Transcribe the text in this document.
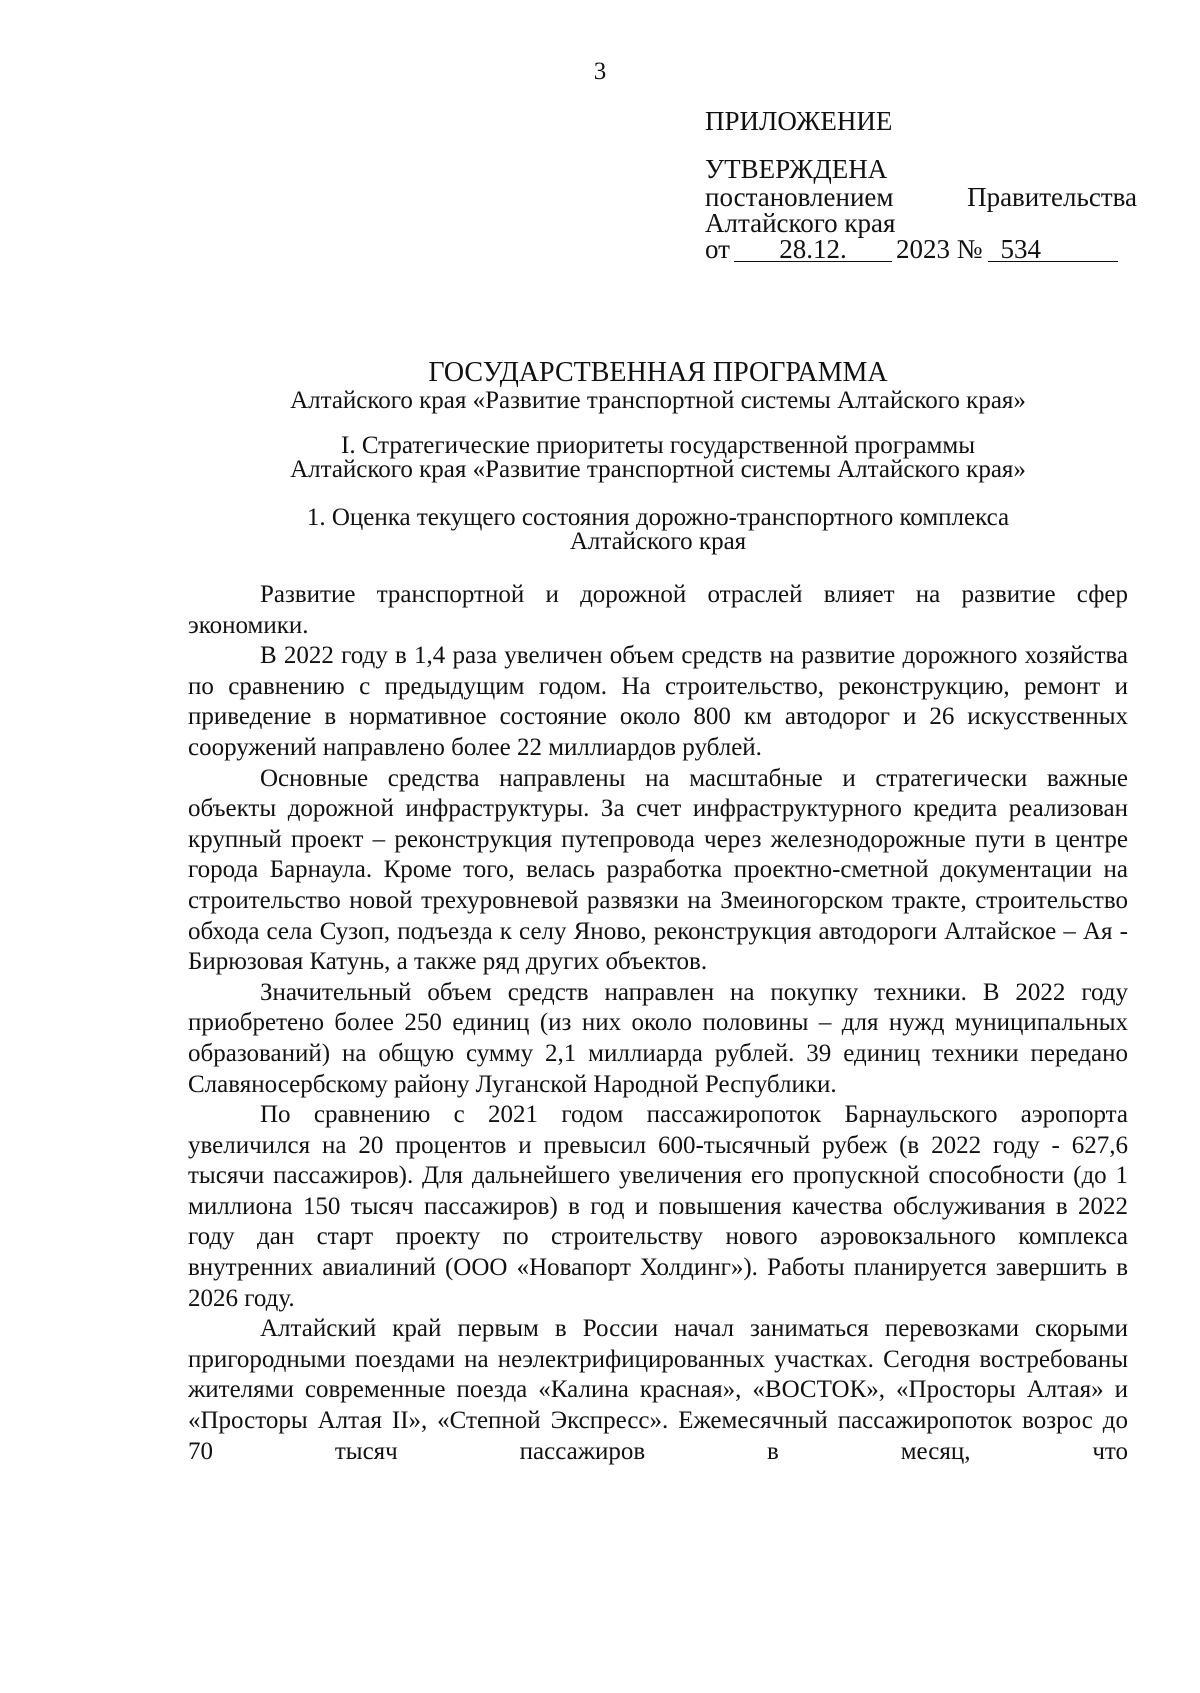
3
ПРИЛОЖЕНИЕ
УТВЕРЖДЕНА
постановлением	Правительства
Алтайского края
от	28.12.	2023 № 534
ГОСУДАРСТВЕННАЯ ПРОГРАММА
Алтайского края «Развитие транспортной системы Алтайского края»
I. Стратегические приоритеты государственной программы
Алтайского края «Развитие транспортной системы Алтайского края»
1. Оценка текущего состояния дорожно-транспортного комплекса
Алтайского края

Развитие транспортной и дорожной отраслей влияет на развитие сфер экономики.

В 2022 году в 1,4 раза увеличен объем средств на развитие дорожного хозяйства по сравнению с предыдущим годом. На строительство, реконструкцию, ремонт и приведение в нормативное состояние около 800 км автодорог и 26 искусственных сооружений направлено более 22 миллиардов рублей.

Основные средства направлены на масштабные и стратегически важные объекты дорожной инфраструктуры. За счет инфраструктурного кредита реализован крупный проект – реконструкция путепровода через железнодорожные пути в центре города Барнаула. Кроме того, велась разработка проектно-сметной документации на строительство новой трехуровневой развязки на Змеиногорском тракте, строительство обхода села Сузоп, подъезда к селу Яново, реконструкция автодороги Алтайское – Ая - Бирюзовая Катунь, а также ряд других объектов.

Значительный объем средств направлен на покупку техники. В 2022 году приобретено более 250 единиц (из них около половины – для нужд муниципальных образований) на общую сумму 2,1 миллиарда рублей. 39 единиц техники передано Славяносербскому району Луганской Народной Республики.

По сравнению с 2021 годом пассажиропоток Барнаульского аэропорта увеличился на 20 процентов и превысил 600-тысячный рубеж (в 2022 году - 627,6 тысячи пассажиров). Для дальнейшего увеличения его пропускной способности (до 1 миллиона 150 тысяч пассажиров) в год и повышения качества обслуживания в 2022 году дан старт проекту по строительству нового аэровокзального комплекса внутренних авиалиний (ООО «Новапорт Холдинг»). Работы планируется завершить в 2026 году.

Алтайский край первым в России начал заниматься перевозками скорыми пригородными поездами на неэлектрифицированных участках. Сегодня востребованы жителями современные поезда «Калина красная», «ВОСТОК», «Просторы Алтая» и «Просторы Алтая II», «Степной Экспресс». Ежемесячный пассажиропоток возрос до 70 тысяч пассажиров в месяц, что
